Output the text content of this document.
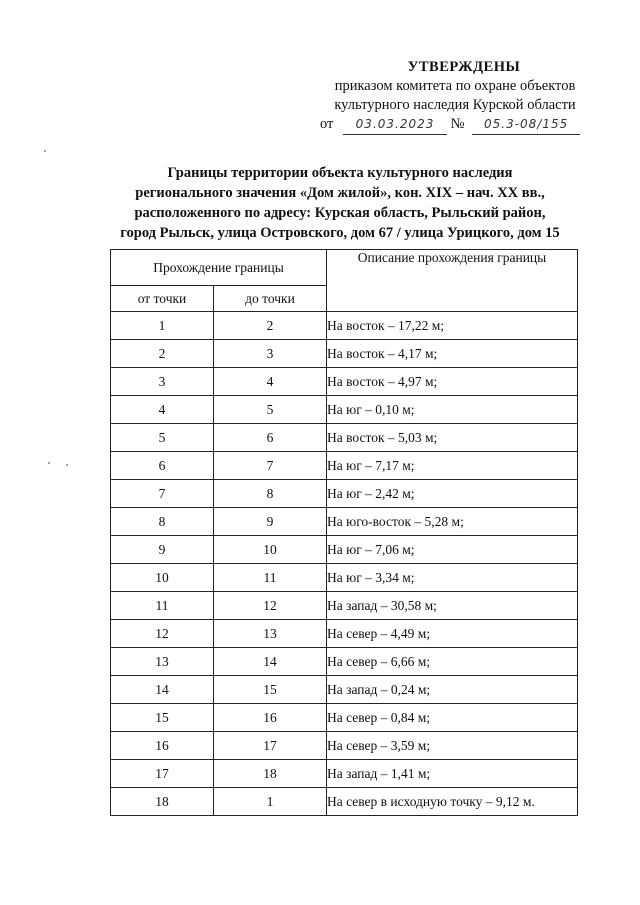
УТВЕРЖДЕНЫ
приказом комитета по охране объектов
культурного наследия Курской области
от 03.03.2023 № 05.3-08/155
Границы территории объекта культурного наследия
регионального значения «Дом жилой», кон. XIX – нач. XX вв.,
расположенного по адресу: Курская область, Рыльский район,
город Рыльск, улица Островского, дом 67 / улица Урицкого, дом 15
Прохождение границы		Описание прохождения границы
от точки	до точки	
1	2	На восток – 17,22 м;
2	3	На восток – 4,17 м;
3	4	На восток – 4,97 м;
4	5	На юг – 0,10 м;
5	6	На восток – 5,03 м;
6	7	На юг – 7,17 м;
7	8	На юг – 2,42 м;
8	9	На юго-восток – 5,28 м;
9	10	На юг – 7,06 м;
10	11	На юг – 3,34 м;
11	12	На запад – 30,58 м;
12	13	На север – 4,49 м;
13	14	На север – 6,66 м;
14	15	На запад – 0,24 м;
15	16	На север – 0,84 м;
16	17	На север – 3,59 м;
17	18	На запад – 1,41 м;
18	1	На север в исходную точку – 9,12 м.
